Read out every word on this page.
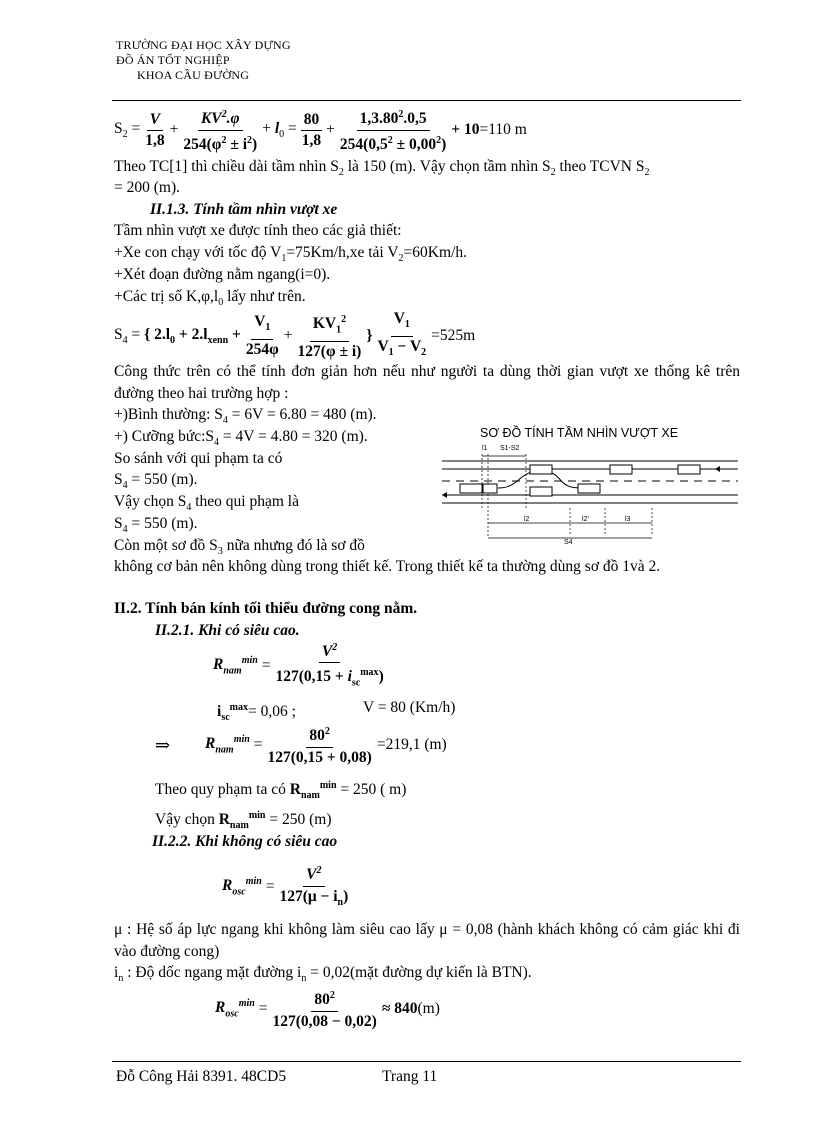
TRƯỜNG ĐẠI HỌC XÂY DỰNG
ĐỒ ÁN TỐT NGHIỆP
KHOA CẦU ĐƯỜNG
$S_2 = \frac{V}{1,8} + \frac{KV^2.\varphi}{254(\varphi^2 \pm i^2)} + l_0 = \frac{80}{1,8} + \frac{1,3.80^2.0,5}{254(0,5^2 \pm 0,00^2)} + 10 =110$ m
Theo TC[1] thì chiều dài tầm nhìn $S_2$ là 150 (m). Vậy chọn tầm nhìn $S_2$ theo TCVN $S_2$
= 200 (m).
II.1.3. Tính tầm nhìn vượt xe
Tầm nhìn vượt xe được tính theo các giả thiết:
+Xe con chạy với tốc độ $V_1=75Km/h,xe$ tải $V_2=60Km/h$.
+Xét đoạn đường nằm ngang(i=0).
+Các trị số $K,\varphi,l_0$ lấy như trên.
$S_4$ = { $2.l_0 + 2.l_{xenn} + \frac{V_1}{254\varphi} + \frac{KV_1^2}{127(\varphi \pm i)}$ } $\frac{V_1}{V_1 - V_2} =525m$
Công thức trên có thể tính đơn giản hơn nếu như người ta dùng thời gian vượt xe thống kê trên đường theo hai trường hợp :
+)Bình thường: $S_4 = 6V = 6.80 = 480$ (m).
+) Cưỡng $bức:S_4 = 4V = 4.80 = 320$ (m).
So sánh với qui phạm ta có
$S_4 = 550$ (m).
Vậy chọn $S_4$ theo qui phạm là
$S_4 = 550$ (m).
Còn một sơ đồ $S_3$ nữa nhưng đó là sơ đồ
không cơ bản nên không dùng trong thiết kế. Trong thiết kế ta thường dùng sơ đồ 1và 2.
SƠ ĐỒ TÍNH TẦM NHÌN VƯỢT XE
l1 S1-S2
l2	l2'	l3
S4
II.2. Tính bán kính tối thiểu đường cong nằm.
II.2.1. Khi có siêu cao.
$R_{nam}^{min} = \frac{V^2}{127(0,15 + i_{sc}^{max})}$
$i_{sc}^{max}= 0,06$ ;	V = 80 (Km/h)
⇒ $R_{nam}^{min} = \frac{80^2}{127(0,15 + 0,08)} =219,1$ (m)
Theo quy phạm ta có $R_{nam}^{min} = 250$ ( m)
Vậy chọn $R_{nam}^{min} = 250$ (m)
II.2.2. Khi không có siêu cao
$R_{osc}^{min} = \frac{V^2}{127(\mu - i_n)}$
μ : Hệ số áp lực ngang khi không làm siêu cao lấy μ = 0,08 (hành khách không có cảm giác khi đi vào đường cong)
$i_n$ : Độ dốc ngang mặt đường $i_n$ = 0,02(mặt đường dự kiến là BTN).
$R_{osc}^{min} = \frac{80^2}{127(0,08 - 0,02)} \approx 840$ (m)
Đỗ Công Hải 8391. 48CD5	Trang 11
